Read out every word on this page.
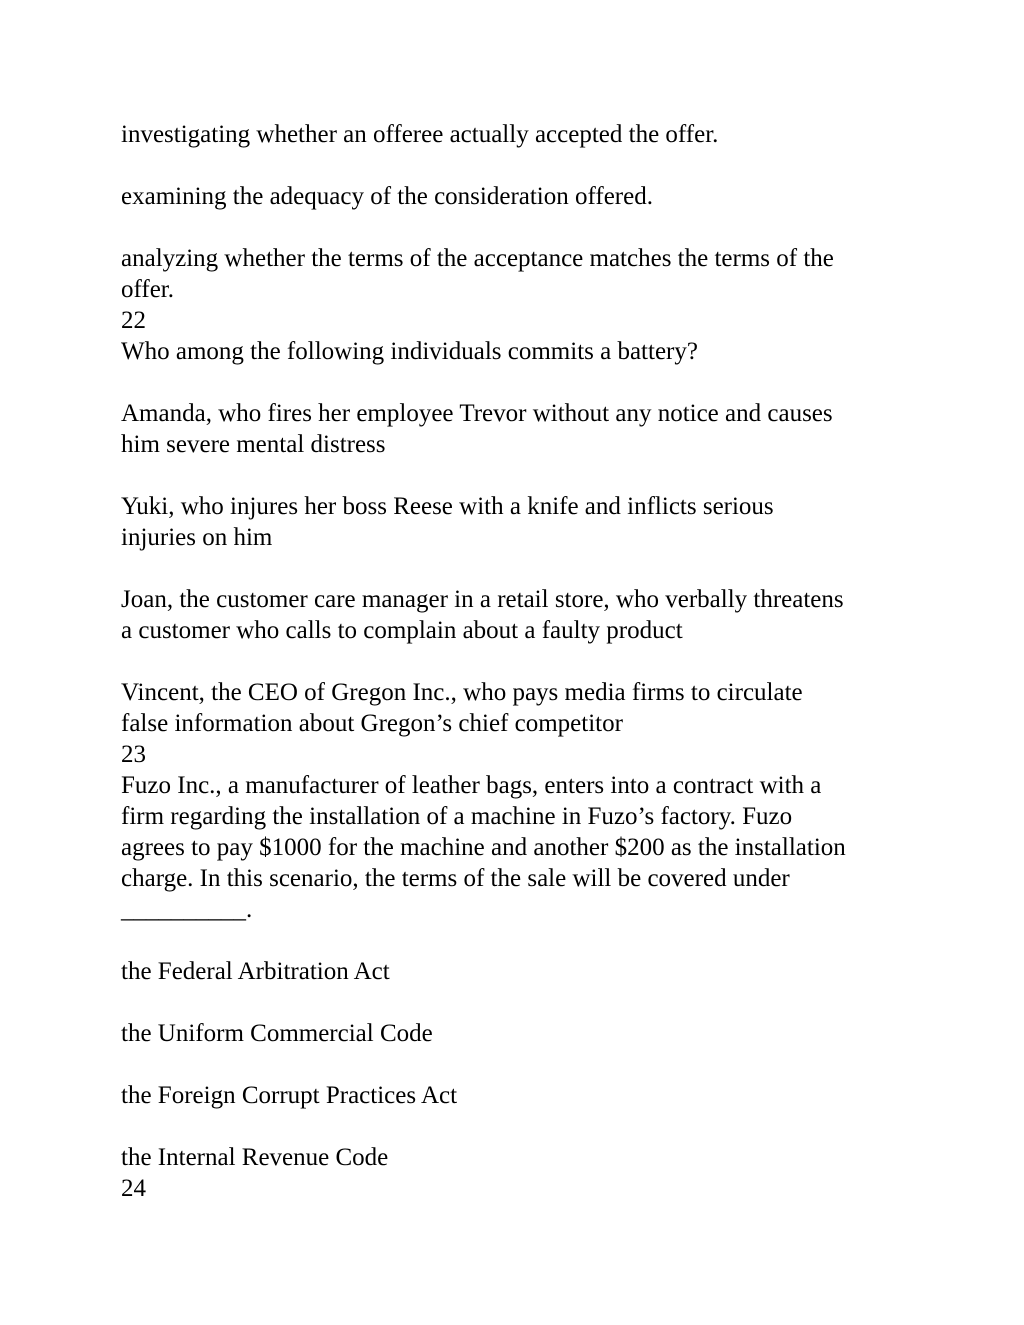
investigating whether an offeree actually accepted the offer.
examining the adequacy of the consideration offered.
analyzing whether the terms of the acceptance matches the terms of the
offer.
22
Who among the following individuals commits a battery?
Amanda, who fires her employee Trevor without any notice and causes
him severe mental distress
Yuki, who injures her boss Reese with a knife and inflicts serious
injuries on him
Joan, the customer care manager in a retail store, who verbally threatens
a customer who calls to complain about a faulty product
Vincent, the CEO of Gregon Inc., who pays media firms to circulate
false information about Gregon’s chief competitor
23
Fuzo Inc., a manufacturer of leather bags, enters into a contract with a
firm regarding the installation of a machine in Fuzo’s factory. Fuzo
agrees to pay $1000 for the machine and another $200 as the installation
charge. In this scenario, the terms of the sale will be covered under
__________.
the Federal Arbitration Act
the Uniform Commercial Code
the Foreign Corrupt Practices Act
the Internal Revenue Code
24
